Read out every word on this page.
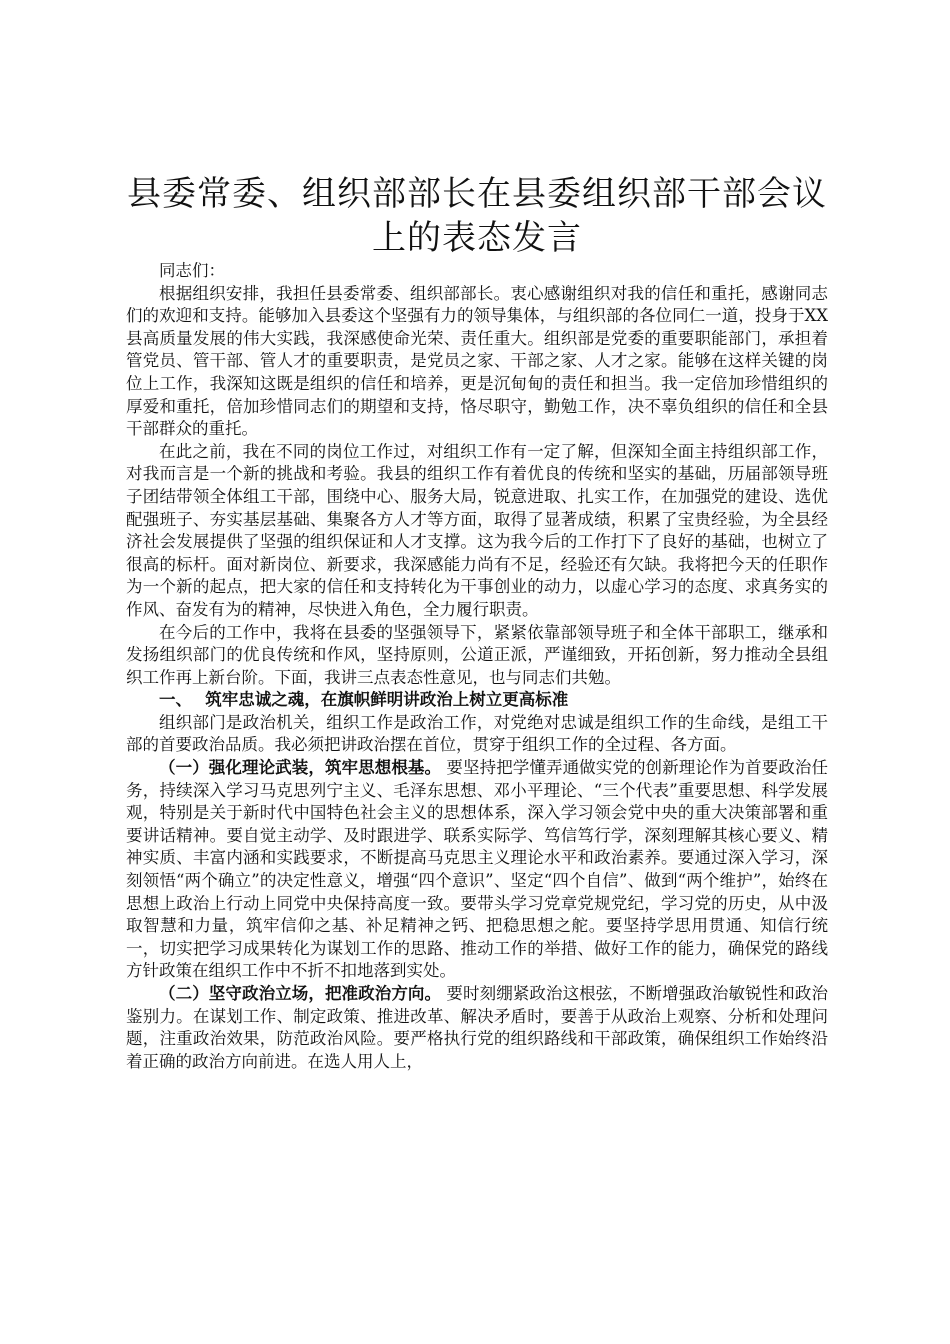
县委常委、组织部部长在县委组织部干部会议
上的表态发言

同志们：

根据组织安排，我担任县委常委、组织部部长。衷心感谢组织对我的信任和重托，感谢同志们的欢迎和支持。能够加入县委这个坚强有力的领导集体，与组织部的各位同仁一道，投身于XX县高质量发展的伟大实践，我深感使命光荣、责任重大。组织部是党委的重要职能部门，承担着管党员、管干部、管人才的重要职责，是党员之家、干部之家、人才之家。能够在这样关键的岗位上工作，我深知这既是组织的信任和培养，更是沉甸甸的责任和担当。我一定倍加珍惜组织的厚爱和重托，倍加珍惜同志们的期望和支持，恪尽职守，勤勉工作，决不辜负组织的信任和全县干部群众的重托。

在此之前，我在不同的岗位工作过，对组织工作有一定了解，但深知全面主持组织部工作，对我而言是一个新的挑战和考验。我县的组织工作有着优良的传统和坚实的基础，历届部领导班子团结带领全体组工干部，围绕中心、服务大局，锐意进取、扎实工作，在加强党的建设、选优配强班子、夯实基层基础、集聚各方人才等方面，取得了显著成绩，积累了宝贵经验，为全县经济社会发展提供了坚强的组织保证和人才支撑。这为我今后的工作打下了良好的基础，也树立了很高的标杆。面对新岗位、新要求，我深感能力尚有不足，经验还有欠缺。我将把今天的任职作为一个新的起点，把大家的信任和支持转化为干事创业的动力，以虚心学习的态度、求真务实的作风、奋发有为的精神，尽快进入角色，全力履行职责。

在今后的工作中，我将在县委的坚强领导下，紧紧依靠部领导班子和全体干部职工，继承和发扬组织部门的优良传统和作风，坚持原则，公道正派，严谨细致，开拓创新，努力推动全县组织工作再上新台阶。下面，我讲三点表态性意见，也与同志们共勉。

一、 筑牢忠诚之魂，在旗帜鲜明讲政治上树立更高标准

组织部门是政治机关，组织工作是政治工作，对党绝对忠诚是组织工作的生命线，是组工干部的首要政治品质。我必须把讲政治摆在首位，贯穿于组织工作的全过程、各方面。

（一）强化理论武装，筑牢思想根基。 要坚持把学懂弄通做实党的创新理论作为首要政治任务，持续深入学习马克思列宁主义、毛泽东思想、邓小平理论、“三个代表”重要思想、科学发展观，特别是关于新时代中国特色社会主义的思想体系，深入学习领会党中央的重大决策部署和重要讲话精神。要自觉主动学、及时跟进学、联系实际学、笃信笃行学，深刻理解其核心要义、精神实质、丰富内涵和实践要求，不断提高马克思主义理论水平和政治素养。要通过深入学习，深刻领悟“两个确立”的决定性意义，增强“四个意识”、坚定“四个自信”、做到“两个维护”，始终在思想上政治上行动上同党中央保持高度一致。要带头学习党章党规党纪，学习党的历史，从中汲取智慧和力量，筑牢信仰之基、补足精神之钙、把稳思想之舵。要坚持学思用贯通、知信行统一，切实把学习成果转化为谋划工作的思路、推动工作的举措、做好工作的能力，确保党的路线方针政策在组织工作中不折不扣地落到实处。

（二）坚守政治立场，把准政治方向。 要时刻绷紧政治这根弦，不断增强政治敏锐性和政治鉴别力。在谋划工作、制定政策、推进改革、解决矛盾时，要善于从政治上观察、分析和处理问题，注重政治效果，防范政治风险。要严格执行党的组织路线和干部政策，确保组织工作始终沿着正确的政治方向前进。在选人用人上，
